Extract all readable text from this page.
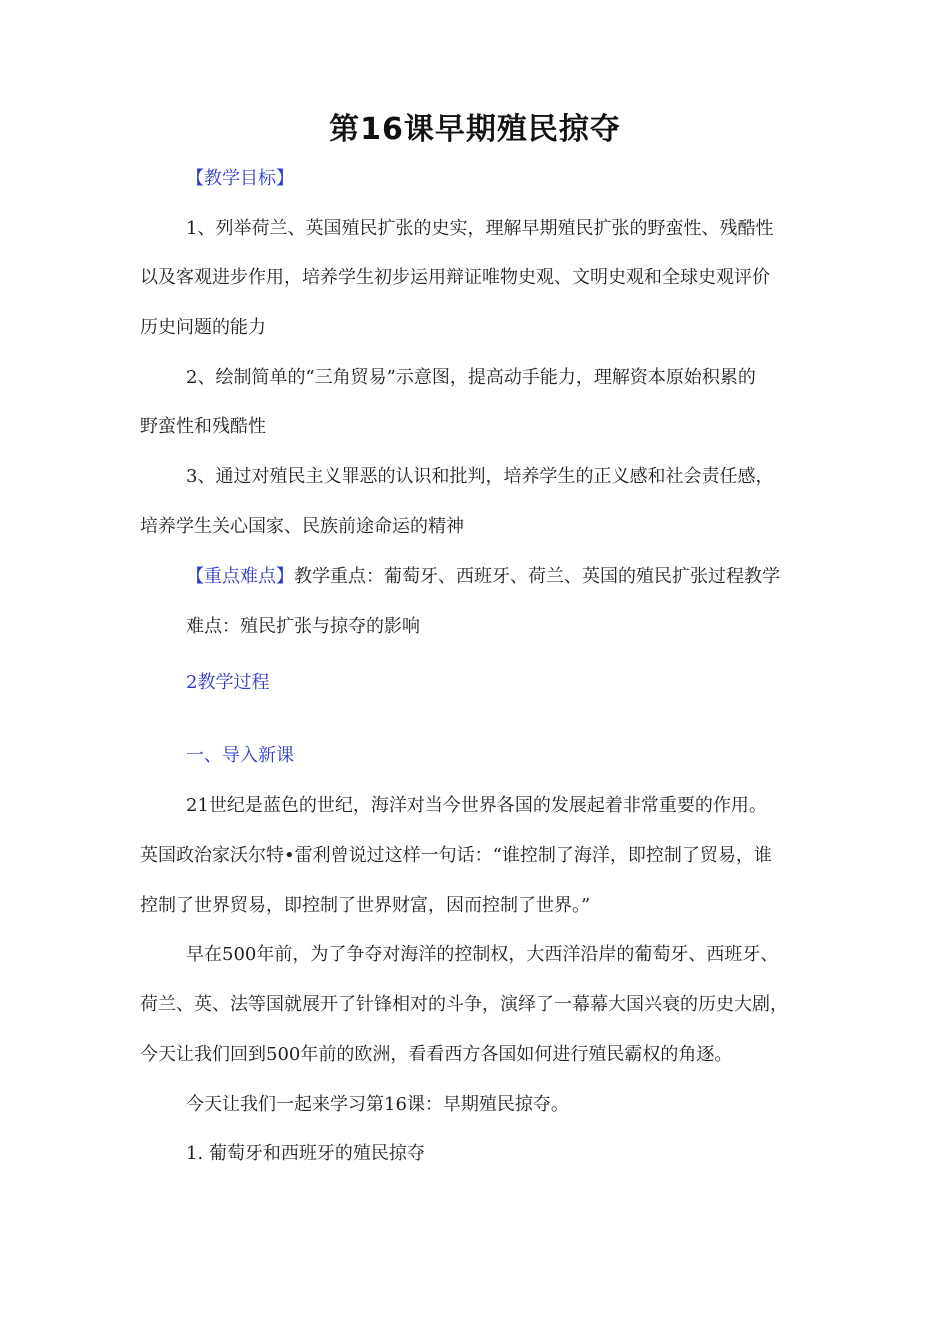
第16课早期殖民掠夺
【教学目标】
1、列举荷兰、英国殖民扩张的史实，理解早期殖民扩张的野蛮性、残酷性
以及客观进步作用，培养学生初步运用辩证唯物史观、文明史观和全球史观评价
历史问题的能力
2、绘制简单的“三角贸易”示意图，提高动手能力，理解资本原始积累的
野蛮性和残酷性
3、通过对殖民主义罪恶的认识和批判，培养学生的正义感和社会责任感，
培养学生关心国家、民族前途命运的精神
【重点难点】教学重点：葡萄牙、西班牙、荷兰、英国的殖民扩张过程教学
难点：殖民扩张与掠夺的影响
2教学过程
一、导入新课
21世纪是蓝色的世纪，海洋对当今世界各国的发展起着非常重要的作用。
英国政治家沃尔特•雷利曾说过这样一句话：“谁控制了海洋，即控制了贸易，谁
控制了世界贸易，即控制了世界财富，因而控制了世界。”
早在500年前，为了争夺对海洋的控制权，大西洋沿岸的葡萄牙、西班牙、
荷兰、英、法等国就展开了针锋相对的斗争，演绎了一幕幕大国兴衰的历史大剧，
今天让我们回到500年前的欧洲，看看西方各国如何进行殖民霸权的角逐。
今天让我们一起来学习第16课：早期殖民掠夺。
1. 葡萄牙和西班牙的殖民掠夺
